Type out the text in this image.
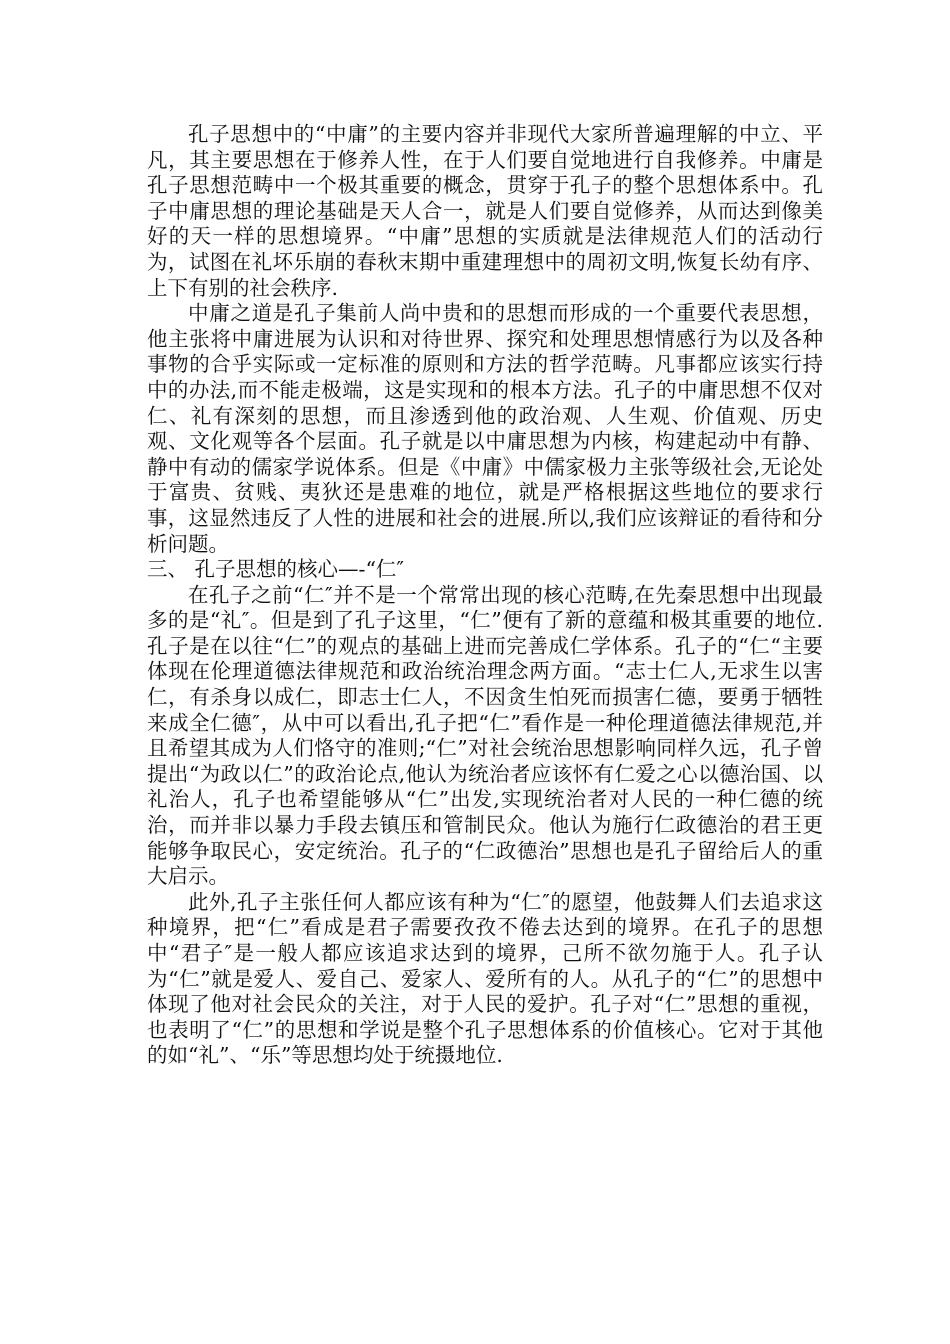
孔子思想中的“中庸”的主要内容并非现代大家所普遍理解的中立、平凡，其主要思想在于修养人性，在于人们要自觉地进行自我修养。中庸是孔子思想范畴中一个极其重要的概念，贯穿于孔子的整个思想体系中。孔子中庸思想的理论基础是天人合一，就是人们要自觉修养，从而达到像美好的天一样的思想境界。“中庸”思想的实质就是法律规范人们的活动行为，试图在礼坏乐崩的春秋末期中重建理想中的周初文明,恢复长幼有序、上下有别的社会秩序.

中庸之道是孔子集前人尚中贵和的思想而形成的一个重要代表思想，他主张将中庸进展为认识和对待世界、探究和处理思想情感行为以及各种事物的合乎实际或一定标准的原则和方法的哲学范畴。凡事都应该实行持中的办法,而不能走极端，这是实现和的根本方法。孔子的中庸思想不仅对仁、礼有深刻的思想，而且渗透到他的政治观、人生观、价值观、历史观、文化观等各个层面。孔子就是以中庸思想为内核，构建起动中有静、静中有动的儒家学说体系。但是《中庸》中儒家极力主张等级社会,无论处于富贵、贫贱、夷狄还是患难的地位，就是严格根据这些地位的要求行事，这显然违反了人性的进展和社会的进展.所以,我们应该辩证的看待和分析问题。

三、 孔子思想的核心—-“仁″

在孔子之前“仁″并不是一个常常出现的核心范畴,在先秦思想中出现最多的是“礼″。但是到了孔子这里，“仁”便有了新的意蕴和极其重要的地位.孔子是在以往“仁”的观点的基础上进而完善成仁学体系。孔子的“仁“主要体现在伦理道德法律规范和政治统治理念两方面。“志士仁人,无求生以害仁，有杀身以成仁，即志士仁人，不因贪生怕死而损害仁德，要勇于牺牲来成全仁德″，从中可以看出,孔子把“仁”看作是一种伦理道德法律规范,并且希望其成为人们恪守的准则;“仁”对社会统治思想影响同样久远，孔子曾提出“为政以仁”的政治论点,他认为统治者应该怀有仁爱之心以德治国、以礼治人，孔子也希望能够从“仁”出发,实现统治者对人民的一种仁德的统治，而并非以暴力手段去镇压和管制民众。他认为施行仁政德治的君王更能够争取民心，安定统治。孔子的“仁政德治”思想也是孔子留给后人的重大启示。

此外,孔子主张任何人都应该有种为“仁″的愿望，他鼓舞人们去追求这种境界，把“仁”看成是君子需要孜孜不倦去达到的境界。在孔子的思想中“君子″是一般人都应该追求达到的境界，己所不欲勿施于人。孔子认为“仁”就是爱人、爱自己、爱家人、爱所有的人。从孔子的“仁”的思想中体现了他对社会民众的关注，对于人民的爱护。孔子对“仁”思想的重视，也表明了“仁”的思想和学说是整个孔子思想体系的价值核心。它对于其他的如“礼”、“乐”等思想均处于统摄地位.
